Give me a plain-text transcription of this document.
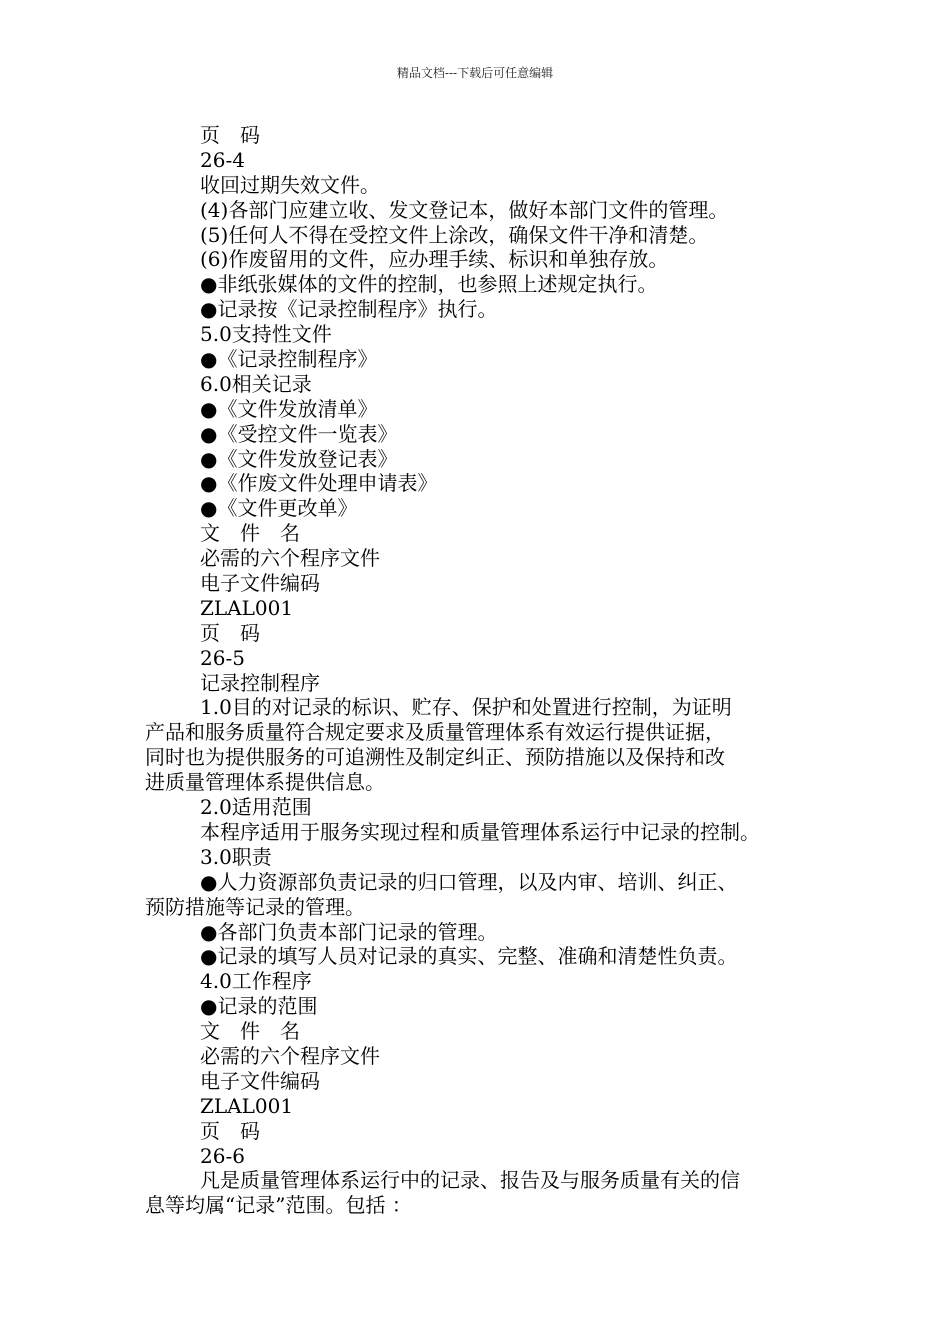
精品文档---下载后可任意编辑
页　码
26-4
收回过期失效文件。
(4)各部门应建立收、发文登记本，做好本部门文件的管理。
(5)任何人不得在受控文件上涂改，确保文件干净和清楚。
(6)作废留用的文件，应办理手续、标识和单独存放。
●非纸张媒体的文件的控制，也参照上述规定执行。
●记录按《记录控制程序》执行。
5.0支持性文件
●《记录控制程序》
6.0相关记录
●《文件发放清单》
●《受控文件一览表》
●《文件发放登记表》
●《作废文件处理申请表》
●《文件更改单》
文　件　名
必需的六个程序文件
电子文件编码
ZLAL001
页　码
26-5
记录控制程序
1.0目的对记录的标识、贮存、保护和处置进行控制，为证明
产品和服务质量符合规定要求及质量管理体系有效运行提供证据，
同时也为提供服务的可追溯性及制定纠正、预防措施以及保持和改
进质量管理体系提供信息。
2.0适用范围
本程序适用于服务实现过程和质量管理体系运行中记录的控制。
3.0职责
●人力资源部负责记录的归口管理，以及内审、培训、纠正、
预防措施等记录的管理。
●各部门负责本部门记录的管理。
●记录的填写人员对记录的真实、完整、准确和清楚性负责。
4.0工作程序
●记录的范围
文　件　名
必需的六个程序文件
电子文件编码
ZLAL001
页　码
26-6
凡是质量管理体系运行中的记录、报告及与服务质量有关的信
息等均属“记录”范围。包括 ：
